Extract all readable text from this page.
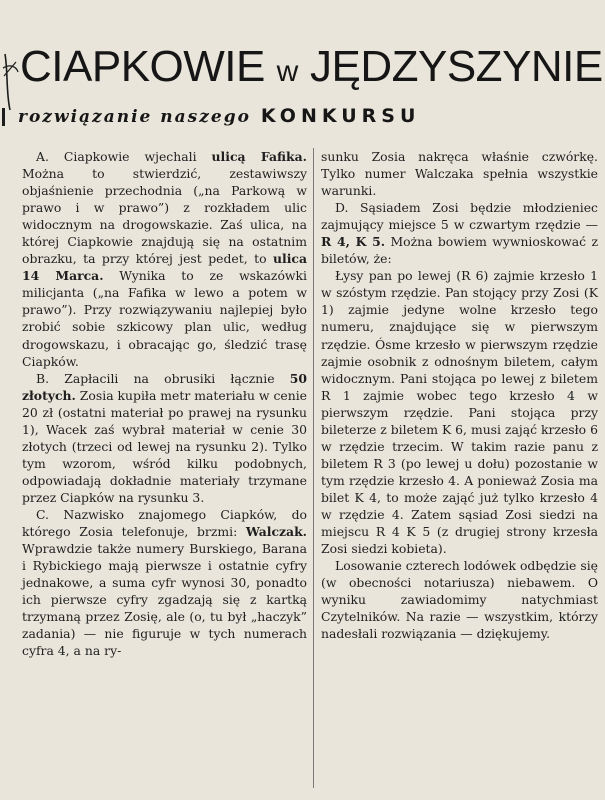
CIAPKOWIE w JĘDZYSZYNIE
rozwiązanie naszego KONKURSU

A. Ciapkowie wjechali ulicą Fafika. Można to stwierdzić, zestawiwszy objaśnienie przechodnia („na Parkową w prawo i w prawo”) z rozkładem ulic widocznym na drogowskazie. Zaś ulica, na której Ciapkowie znajdują się na ostatnim obrazku, ta przy której jest pedet, to ulica 14 Marca. Wynika to ze wskazówki milicjanta („na Fafika w lewo a potem w prawo”). Przy rozwiązywaniu najlepiej było zrobić sobie szkicowy plan ulic, według drogowskazu, i obracając go, śledzić trasę Ciapków.

B. Zapłacili na obrusiki łącznie 50 złotych. Zosia kupiła metr materiału w cenie 20 zł (ostatni materiał po prawej na rysunku 1), Wacek zaś wybrał materiał w cenie 30 złotych (trzeci od lewej na rysunku 2). Tylko tym wzorom, wśród kilku podobnych, odpowiadają dokładnie materiały trzymane przez Ciapków na rysunku 3.

C. Nazwisko znajomego Ciapków, do którego Zosia telefonuje, brzmi: Walczak. Wprawdzie także numery Burskiego, Barana i Rybickiego mają pierwsze i ostatnie cyfry jednakowe, a suma cyfr wynosi 30, ponadto ich pierwsze cyfry zgadzają się z kartką trzymaną przez Zosię, ale (o, tu był „haczyk” zadania) — nie figuruje w tych numerach cyfra 4, a na ry-

sunku Zosia nakręca właśnie czwórkę. Tylko numer Walczaka spełnia wszystkie warunki.

D. Sąsiadem Zosi będzie młodzieniec zajmujący miejsce 5 w czwartym rzędzie — R 4, K 5. Można bowiem wywnioskować z biletów, że:

Łysy pan po lewej (R 6) zajmie krzesło 1 w szóstym rzędzie. Pan stojący przy Zosi (K 1) zajmie jedyne wolne krzesło tego numeru, znajdujące się w pierwszym rzędzie. Ósme krzesło w pierwszym rzędzie zajmie osobnik z odnośnym biletem, całym widocznym. Pani stojąca po lewej z biletem R 1 zajmie wobec tego krzesło 4 w pierwszym rzędzie. Pani stojąca przy bileterze z biletem K 6, musi zająć krzesło 6 w rzędzie trzecim. W takim razie panu z biletem R 3 (po lewej u dołu) pozostanie w tym rzędzie krzesło 4. A ponieważ Zosia ma bilet K 4, to może zająć już tylko krzesło 4 w rzędzie 4. Zatem sąsiad Zosi siedzi na miejscu R 4 K 5 (z drugiej strony krzesła Zosi siedzi kobieta).

Losowanie czterech lodówek odbędzie się (w obecności notariusza) niebawem. O wyniku zawiadomimy natychmiast Czytelników. Na razie — wszystkim, którzy nadesłali rozwiązania — dziękujemy.
